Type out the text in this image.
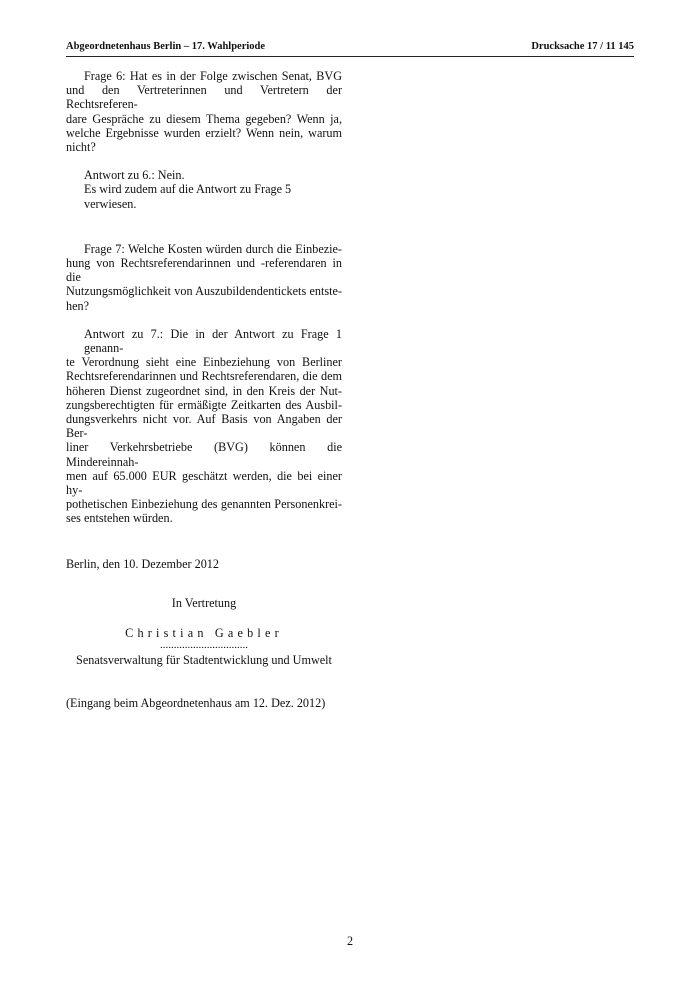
Abgeordnetenhaus Berlin – 17. Wahlperiode	Drucksache 17 / 11 145
Frage 6: Hat es in der Folge zwischen Senat, BVG
und den Vertreterinnen und Vertretern der Rechtsreferen-
dare Gespräche zu diesem Thema gegeben? Wenn ja,
welche Ergebnisse wurden erzielt? Wenn nein, warum
nicht?
Antwort zu 6.: Nein.
Es wird zudem auf die Antwort zu Frage 5 verwiesen.
Frage 7: Welche Kosten würden durch die Einbezie-
hung von Rechtsreferendarinnen und -referendaren in die
Nutzungsmöglichkeit von Auszubildendentickets entste-
hen?
Antwort zu 7.: Die in der Antwort zu Frage 1 genann-
te Verordnung sieht eine Einbeziehung von Berliner
Rechtsreferendarinnen und Rechtsreferendaren, die dem
höheren Dienst zugeordnet sind, in den Kreis der Nut-
zungsberechtigten für ermäßigte Zeitkarten des Ausbil-
dungsverkehrs nicht vor. Auf Basis von Angaben der Ber-
liner Verkehrsbetriebe (BVG) können die Mindereinnah-
men auf 65.000 EUR geschätzt werden, die bei einer hy-
pothetischen Einbeziehung des genannten Personenkrei-
ses entstehen würden.

Berlin, den 10. Dezember 2012

In Vertretung

Christian Gaebler

................................

Senatsverwaltung für Stadtentwicklung und Umwelt

(Eingang beim Abgeordnetenhaus am 12. Dez. 2012)

2
